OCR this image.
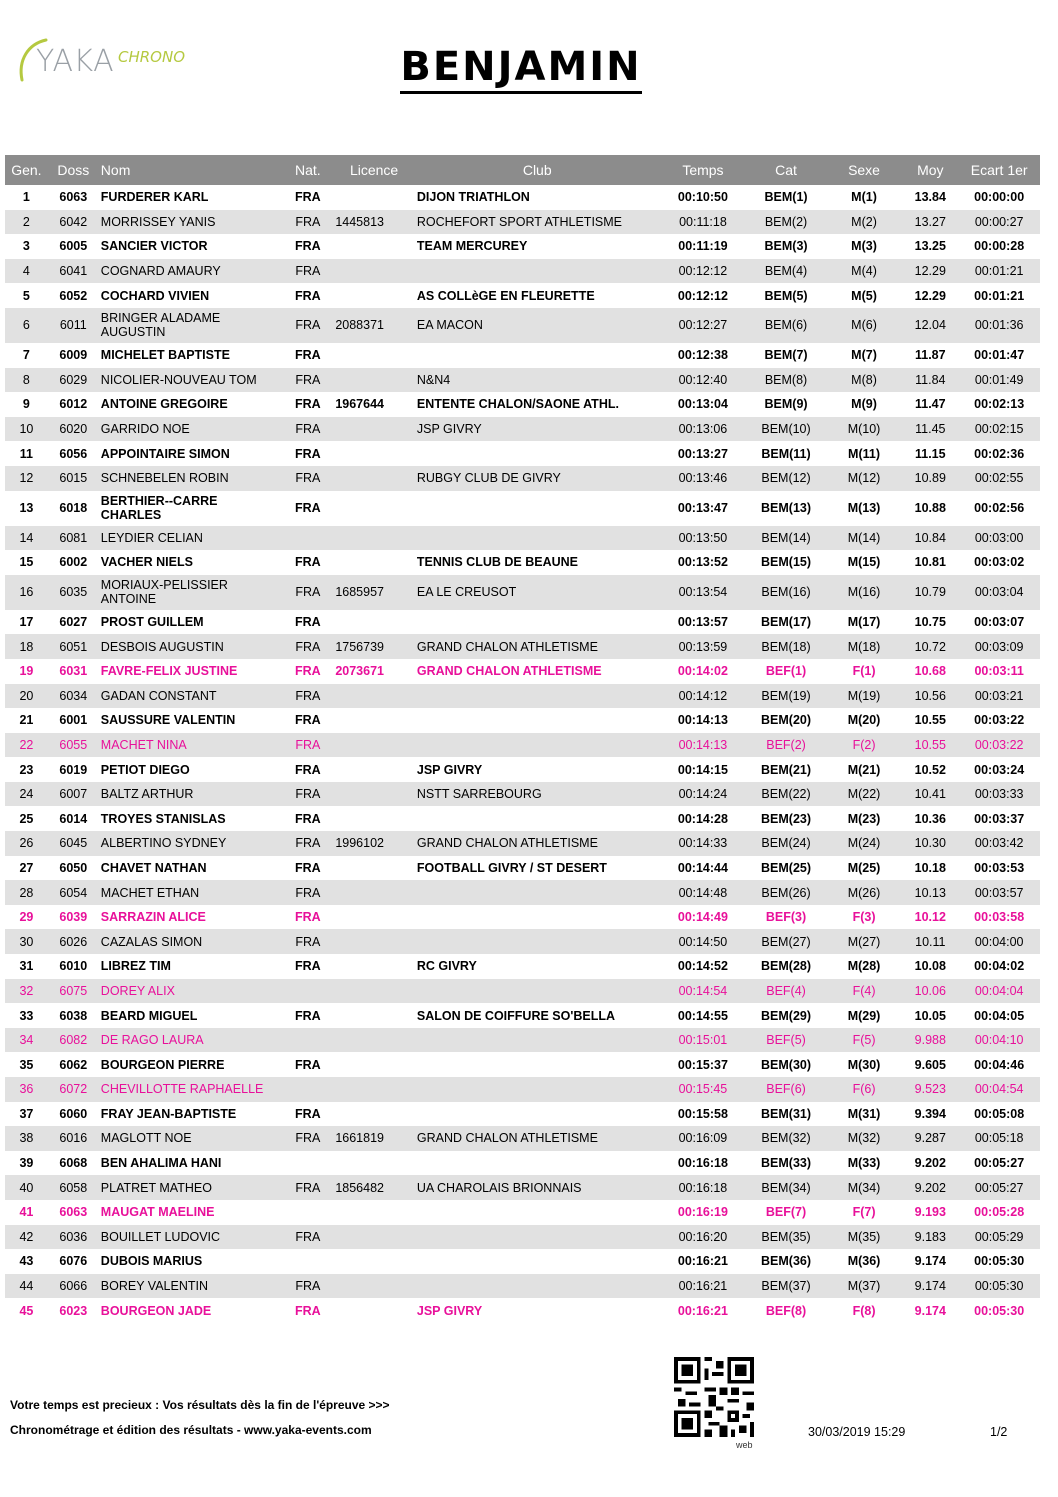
YAKA CHRONO	BENJAMIN
Gen.	Doss	Nom	Nat.	Licence	Club	Temps	Cat	Sexe	Moy	Ecart 1er
1	6063	FURDERER KARL	FRA		DIJON TRIATHLON	00:10:50	BEM(1)	M(1)	13.84	00:00:00
2	6042	MORRISSEY YANIS	FRA	1445813	ROCHEFORT SPORT ATHLETISME	00:11:18	BEM(2)	M(2)	13.27	00:00:27
3	6005	SANCIER VICTOR	FRA		TEAM MERCUREY	00:11:19	BEM(3)	M(3)	13.25	00:00:28
4	6041	COGNARD AMAURY	FRA			00:12:12	BEM(4)	M(4)	12.29	00:01:21
5	6052	COCHARD VIVIEN	FRA		AS COLLèGE EN FLEURETTE	00:12:12	BEM(5)	M(5)	12.29	00:01:21
6	6011	BRINGER ALADAME AUGUSTIN	FRA	2088371	EA MACON	00:12:27	BEM(6)	M(6)	12.04	00:01:36
7	6009	MICHELET BAPTISTE	FRA			00:12:38	BEM(7)	M(7)	11.87	00:01:47
8	6029	NICOLIER-NOUVEAU TOM	FRA		N&N4	00:12:40	BEM(8)	M(8)	11.84	00:01:49
9	6012	ANTOINE GREGOIRE	FRA	1967644	ENTENTE CHALON/SAONE ATHL.	00:13:04	BEM(9)	M(9)	11.47	00:02:13
10	6020	GARRIDO NOE	FRA		JSP GIVRY	00:13:06	BEM(10)	M(10)	11.45	00:02:15
11	6056	APPOINTAIRE SIMON	FRA			00:13:27	BEM(11)	M(11)	11.15	00:02:36
12	6015	SCHNEBELEN ROBIN	FRA		RUBGY CLUB DE GIVRY	00:13:46	BEM(12)	M(12)	10.89	00:02:55
13	6018	BERTHIER--CARRE CHARLES	FRA			00:13:47	BEM(13)	M(13)	10.88	00:02:56
14	6081	LEYDIER CELIAN				00:13:50	BEM(14)	M(14)	10.84	00:03:00
15	6002	VACHER NIELS	FRA		TENNIS CLUB DE BEAUNE	00:13:52	BEM(15)	M(15)	10.81	00:03:02
16	6035	MORIAUX-PELISSIER ANTOINE	FRA	1685957	EA LE CREUSOT	00:13:54	BEM(16)	M(16)	10.79	00:03:04
17	6027	PROST GUILLEM	FRA			00:13:57	BEM(17)	M(17)	10.75	00:03:07
18	6051	DESBOIS AUGUSTIN	FRA	1756739	GRAND CHALON ATHLETISME	00:13:59	BEM(18)	M(18)	10.72	00:03:09
19	6031	FAVRE-FELIX JUSTINE	FRA	2073671	GRAND CHALON ATHLETISME	00:14:02	BEF(1)	F(1)	10.68	00:03:11
20	6034	GADAN CONSTANT	FRA			00:14:12	BEM(19)	M(19)	10.56	00:03:21
21	6001	SAUSSURE VALENTIN	FRA			00:14:13	BEM(20)	M(20)	10.55	00:03:22
22	6055	MACHET NINA	FRA			00:14:13	BEF(2)	F(2)	10.55	00:03:22
23	6019	PETIOT DIEGO	FRA		JSP GIVRY	00:14:15	BEM(21)	M(21)	10.52	00:03:24
24	6007	BALTZ ARTHUR	FRA		NSTT SARREBOURG	00:14:24	BEM(22)	M(22)	10.41	00:03:33
25	6014	TROYES STANISLAS	FRA			00:14:28	BEM(23)	M(23)	10.36	00:03:37
26	6045	ALBERTINO SYDNEY	FRA	1996102	GRAND CHALON ATHLETISME	00:14:33	BEM(24)	M(24)	10.30	00:03:42
27	6050	CHAVET NATHAN	FRA		FOOTBALL GIVRY / ST DESERT	00:14:44	BEM(25)	M(25)	10.18	00:03:53
28	6054	MACHET ETHAN	FRA			00:14:48	BEM(26)	M(26)	10.13	00:03:57
29	6039	SARRAZIN ALICE	FRA			00:14:49	BEF(3)	F(3)	10.12	00:03:58
30	6026	CAZALAS SIMON	FRA			00:14:50	BEM(27)	M(27)	10.11	00:04:00
31	6010	LIBREZ TIM	FRA		RC GIVRY	00:14:52	BEM(28)	M(28)	10.08	00:04:02
32	6075	DOREY ALIX				00:14:54	BEF(4)	F(4)	10.06	00:04:04
33	6038	BEARD MIGUEL	FRA		SALON DE COIFFURE SO'BELLA	00:14:55	BEM(29)	M(29)	10.05	00:04:05
34	6082	DE RAGO LAURA				00:15:01	BEF(5)	F(5)	9.988	00:04:10
35	6062	BOURGEON PIERRE	FRA			00:15:37	BEM(30)	M(30)	9.605	00:04:46
36	6072	CHEVILLOTTE RAPHAELLE				00:15:45	BEF(6)	F(6)	9.523	00:04:54
37	6060	FRAY JEAN-BAPTISTE	FRA			00:15:58	BEM(31)	M(31)	9.394	00:05:08
38	6016	MAGLOTT NOE	FRA	1661819	GRAND CHALON ATHLETISME	00:16:09	BEM(32)	M(32)	9.287	00:05:18
39	6068	BEN AHALIMA HANI				00:16:18	BEM(33)	M(33)	9.202	00:05:27
40	6058	PLATRET MATHEO	FRA	1856482	UA CHAROLAIS BRIONNAIS	00:16:18	BEM(34)	M(34)	9.202	00:05:27
41	6063	MAUGAT MAELINE				00:16:19	BEF(7)	F(7)	9.193	00:05:28
42	6036	BOUILLET LUDOVIC	FRA			00:16:20	BEM(35)	M(35)	9.183	00:05:29
43	6076	DUBOIS MARIUS				00:16:21	BEM(36)	M(36)	9.174	00:05:30
44	6066	BOREY VALENTIN	FRA			00:16:21	BEM(37)	M(37)	9.174	00:05:30
45	6023	BOURGEON JADE	FRA		JSP GIVRY	00:16:21	BEF(8)	F(8)	9.174	00:05:30
Votre temps est precieux : Vos résultats dès la fin de l'épreuve >>>
Chronométrage et édition des résultats - www.yaka-events.com
web
30/03/2019 15:29	1/2
